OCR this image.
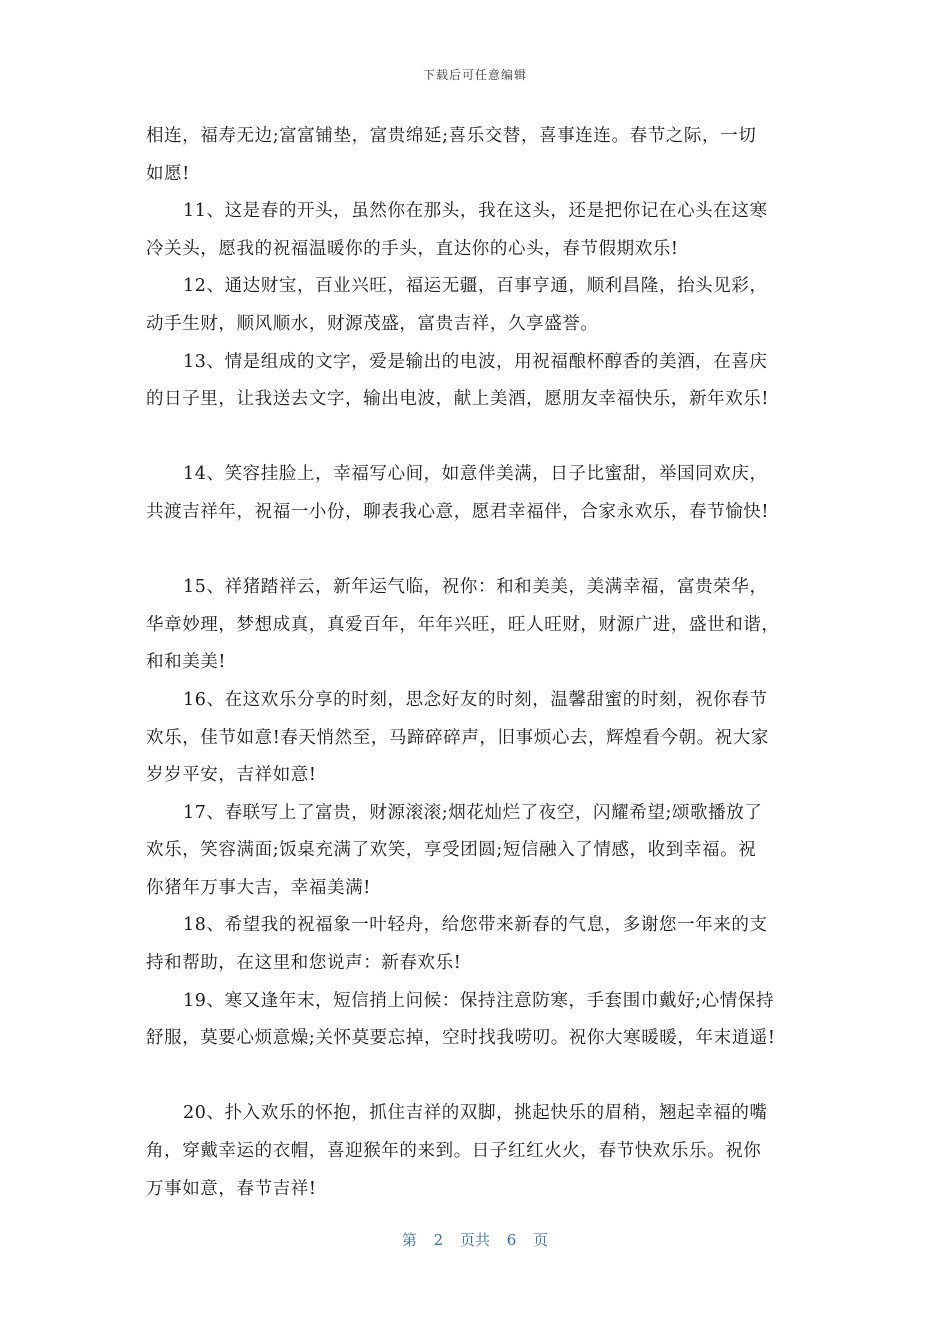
下载后可任意编辑
相连，福寿无边;富富铺垫，富贵绵延;喜乐交替，喜事连连。春节之际，一切
如愿!
11、这是春的开头，虽然你在那头，我在这头，还是把你记在心头在这寒
冷关头，愿我的祝福温暖你的手头，直达你的心头，春节假期欢乐!
12、通达财宝，百业兴旺，福运无疆，百事亨通，顺利昌隆，抬头见彩，
动手生财，顺风顺水，财源茂盛，富贵吉祥，久享盛誉。
13、情是组成的文字，爱是输出的电波，用祝福酿杯醇香的美酒，在喜庆
的日子里，让我送去文字，输出电波，献上美酒，愿朋友幸福快乐，新年欢乐!
14、笑容挂脸上，幸福写心间，如意伴美满，日子比蜜甜，举国同欢庆，
共渡吉祥年，祝福一小份，聊表我心意，愿君幸福伴，合家永欢乐，春节愉快!
15、祥猪踏祥云，新年运气临，祝你：和和美美，美满幸福，富贵荣华，
华章妙理，梦想成真，真爱百年，年年兴旺，旺人旺财，财源广进，盛世和谐，
和和美美!
16、在这欢乐分享的时刻，思念好友的时刻，温馨甜蜜的时刻，祝你春节
欢乐，佳节如意!春天悄然至，马蹄碎碎声，旧事烦心去，辉煌看今朝。祝大家
岁岁平安，吉祥如意!
17、春联写上了富贵，财源滚滚;烟花灿烂了夜空，闪耀希望;颂歌播放了
欢乐，笑容满面;饭桌充满了欢笑，享受团圆;短信融入了情感，收到幸福。祝
你猪年万事大吉，幸福美满!
18、希望我的祝福象一叶轻舟，给您带来新春的气息，多谢您一年来的支
持和帮助，在这里和您说声：新春欢乐!
19、寒又逢年末，短信捎上问候：保持注意防寒，手套围巾戴好;心情保持
舒服，莫要心烦意燥;关怀莫要忘掉，空时找我唠叨。祝你大寒暖暖，年末逍遥!
20、扑入欢乐的怀抱，抓住吉祥的双脚，挑起快乐的眉稍，翘起幸福的嘴
角，穿戴幸运的衣帽，喜迎猴年的来到。日子红红火火，春节快欢乐乐。祝你
万事如意，春节吉祥!
第 2 页共 6 页
